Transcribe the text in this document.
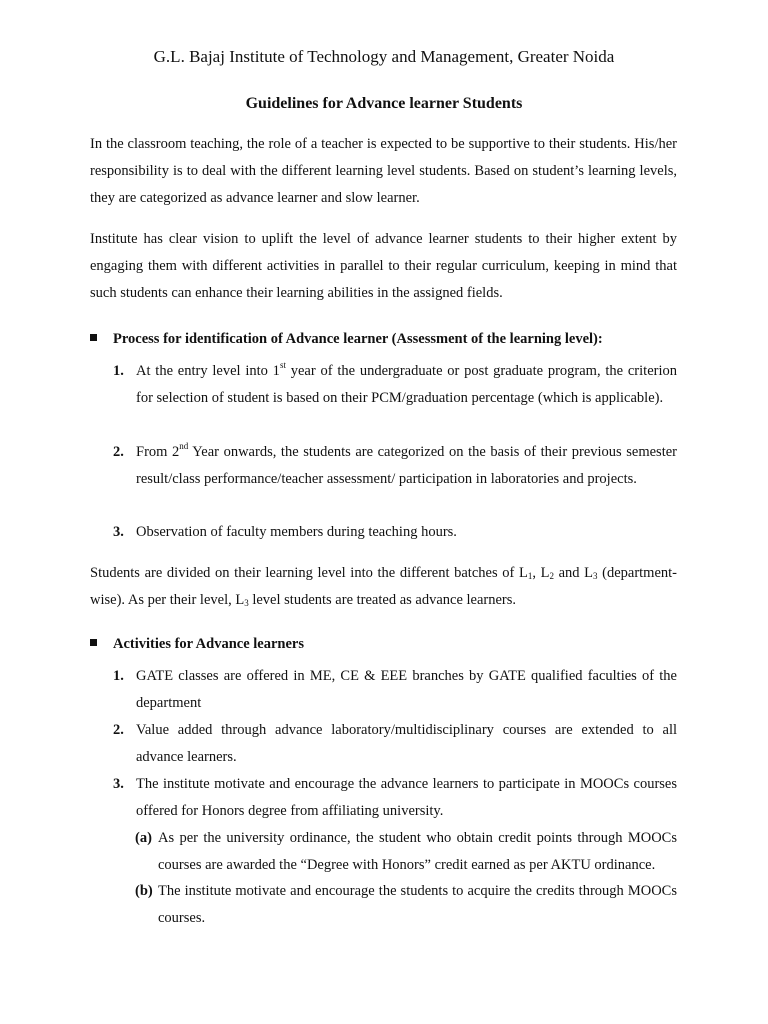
G.L. Bajaj Institute of Technology and Management, Greater Noida
Guidelines for Advance learner Students

In the classroom teaching, the role of a teacher is expected to be supportive to their students. His/her responsibility is to deal with the different learning level students. Based on student’s learning levels, they are categorized as advance learner and slow learner.

Institute has clear vision to uplift the level of advance learner students to their higher extent by engaging them with different activities in parallel to their regular curriculum, keeping in mind that such students can enhance their learning abilities in the assigned fields.

Process for identification of Advance learner (Assessment of the learning level):

1. At the entry level into 1st year of the undergraduate or post graduate program, the criterion for selection of student is based on their PCM/graduation percentage (which is applicable).
2. From 2nd Year onwards, the students are categorized on the basis of their previous semester result/class performance/teacher assessment/ participation in laboratories and projects.
3. Observation of faculty members during teaching hours.

Students are divided on their learning level into the different batches of $L_1$, $L_2$ and $L_3$ (department-wise). As per their level, $L_3$ level students are treated as advance learners.

Activities for Advance learners

1. GATE classes are offered in ME, CE & EEE branches by GATE qualified faculties of the department
2. Value added through advance laboratory/multidisciplinary courses are extended to all advance learners.
3. The institute motivate and encourage the advance learners to participate in MOOCs courses offered for Honors degree from affiliating university.
(a) As per the university ordinance, the student who obtain credit points through MOOCs courses are awarded the “Degree with Honors” credit earned as per AKTU ordinance.
(b) The institute motivate and encourage the students to acquire the credits through MOOCs courses.
